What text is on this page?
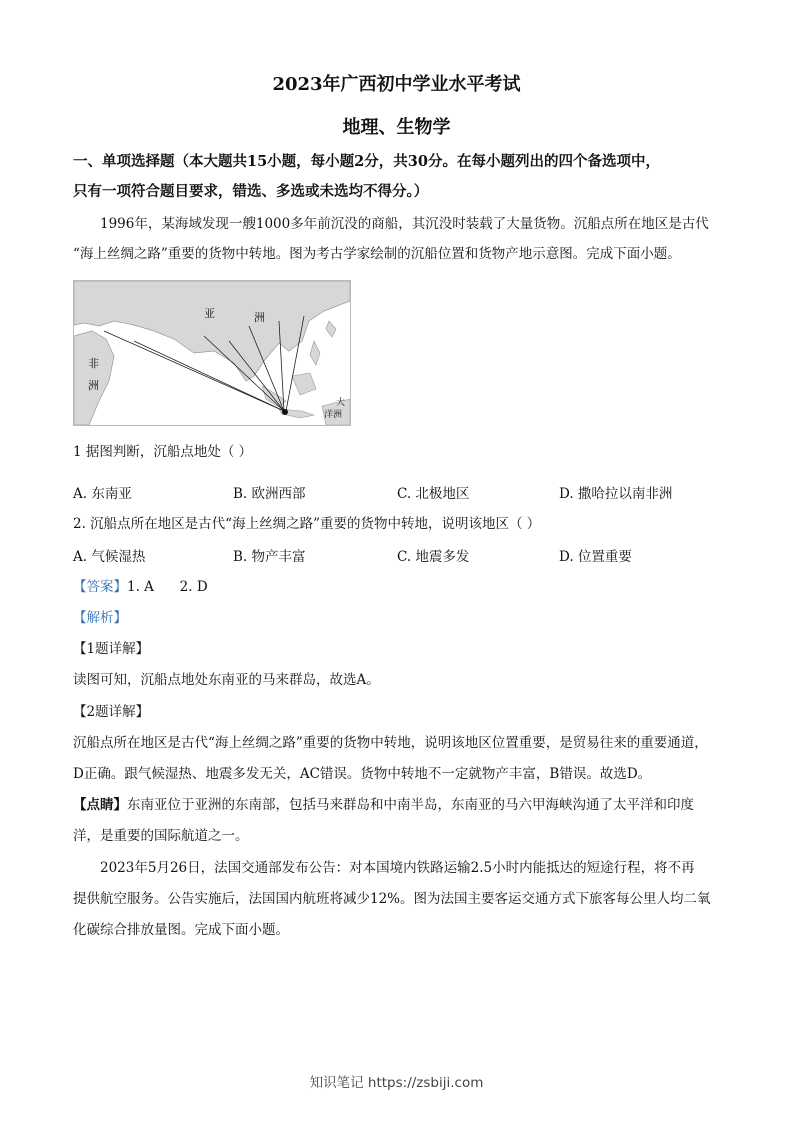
2023年广西初中学业水平考试
地理、生物学
一、单项选择题（本大题共15小题，每小题2分，共30分。在每小题列出的四个备选项中，
只有一项符合题目要求，错选、多选或未选均不得分。）
1996年，某海域发现一艘1000多年前沉没的商船，其沉没时装载了大量货物。沉船点所在地区是古代
“海上丝绸之路”重要的货物中转地。图为考古学家绘制的沉船位置和货物产地示意图。完成下面小题。
亚	洲
非
洲
大
洋洲
1 据图判断，沉船点地处（ ）
A. 东南亚	B. 欧洲西部	C. 北极地区	D. 撒哈拉以南非洲
2. 沉船点所在地区是古代“海上丝绸之路”重要的货物中转地，说明该地区（ ）
A. 气候湿热	B. 物产丰富	C. 地震多发	D. 位置重要
【答案】1. A      2. D
【解析】
【1题详解】
读图可知，沉船点地处东南亚的马来群岛，故选A。
【2题详解】
沉船点所在地区是古代“海上丝绸之路”重要的货物中转地，说明该地区位置重要，是贸易往来的重要通道，
D正确。跟气候湿热、地震多发无关，AC错误。货物中转地不一定就物产丰富，B错误。故选D。
【点睛】东南亚位于亚洲的东南部，包括马来群岛和中南半岛，东南亚的马六甲海峡沟通了太平洋和印度
洋，是重要的国际航道之一。
2023年5月26日，法国交通部发布公告：对本国境内铁路运输2.5小时内能抵达的短途行程，将不再
提供航空服务。公告实施后，法国国内航班将减少12%。图为法国主要客运交通方式下旅客每公里人均二氧
化碳综合排放量图。完成下面小题。
知识笔记 https://zsbiji.com
